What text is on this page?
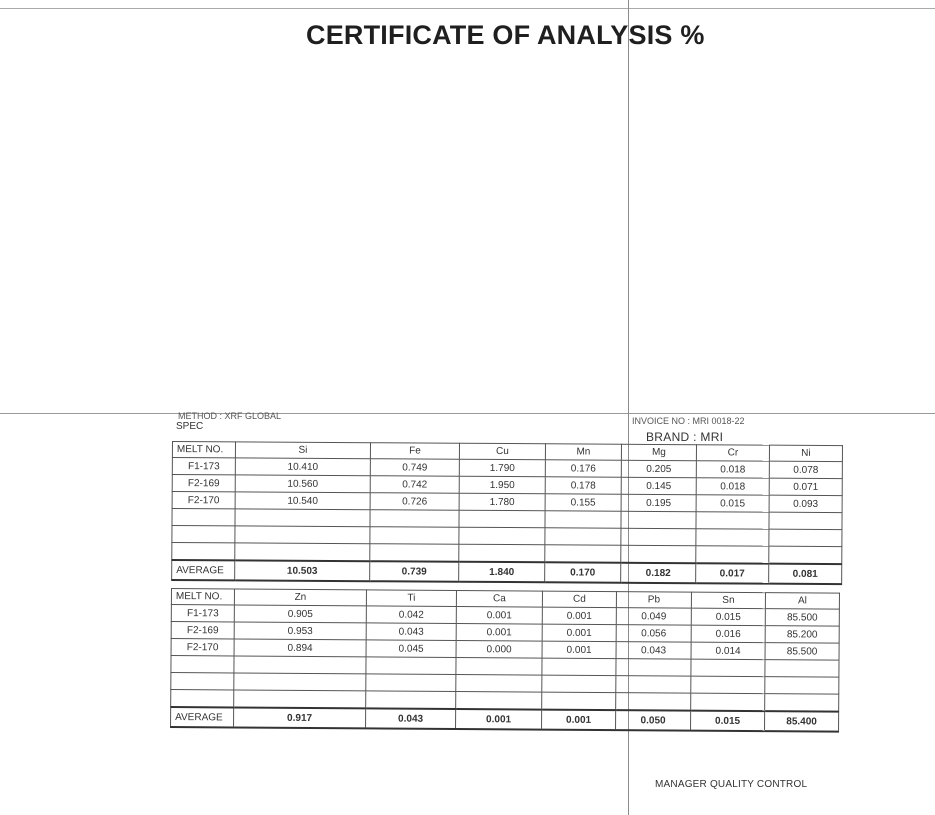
CERTIFICATE OF ANALYSIS %
METHOD : XRF GLOBAL	INVOICE NO : MRI 0018-22
SPEC
BRAND : MRI
MELT NO.	Si	Fe	Cu	Mn	Mg	Cr	Ni
F1-173	10.410	0.749	1.790	0.176	0.205	0.018	0.078
F2-169	10.560	0.742	1.950	0.178	0.145	0.018	0.071
F2-170	10.540	0.726	1.780	0.155	0.195	0.015	0.093

AVERAGE	10.503	0.739	1.840	0.170	0.182	0.017	0.081
MELT NO.	Zn	Ti	Ca	Cd	Pb	Sn	Al
F1-173	0.905	0.042	0.001	0.001	0.049	0.015	85.500
F2-169	0.953	0.043	0.001	0.001	0.056	0.016	85.200
F2-170	0.894	0.045	0.000	0.001	0.043	0.014	85.500

AVERAGE	0.917	0.043	0.001	0.001	0.050	0.015	85.400
MANAGER QUALITY CONTROL
